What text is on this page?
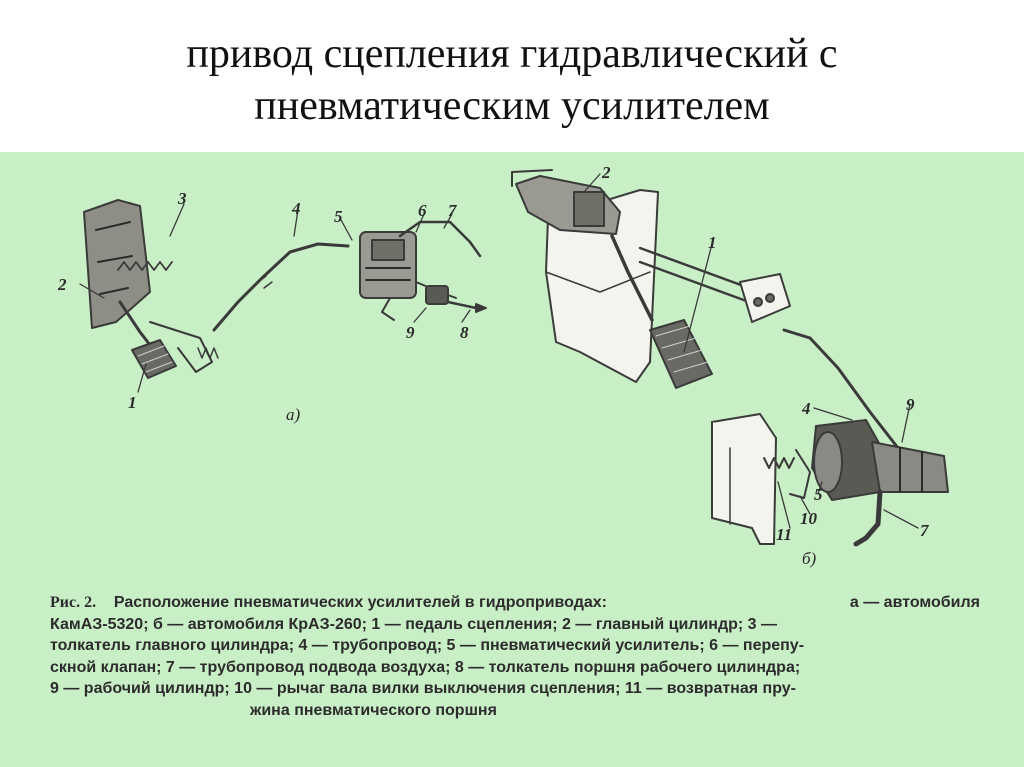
привод сцепления гидравлический с
пневматическим усилителем
1
2
3
4 5	6 7
8
9
а)
1
2
4
5
7
9
10
11
б)
Рис. 2. Расположение пневматических усилителей в гидроприводах:	а — автомобиля
КамАЗ-5320; б — автомобиля КрАЗ-260; 1 — педаль сцепления; 2 — главный цилиндр; 3 —
толкатель главного цилиндра; 4 — трубопровод; 5 — пневматический усилитель; 6 — перепу-
скной клапан; 7 — трубопровод подвода воздуха; 8 — толкатель поршня рабочего цилиндра;
9 — рабочий цилиндр; 10 — рычаг вала вилки выключения сцепления; 11 — возвратная пру-
жина пневматического поршня
